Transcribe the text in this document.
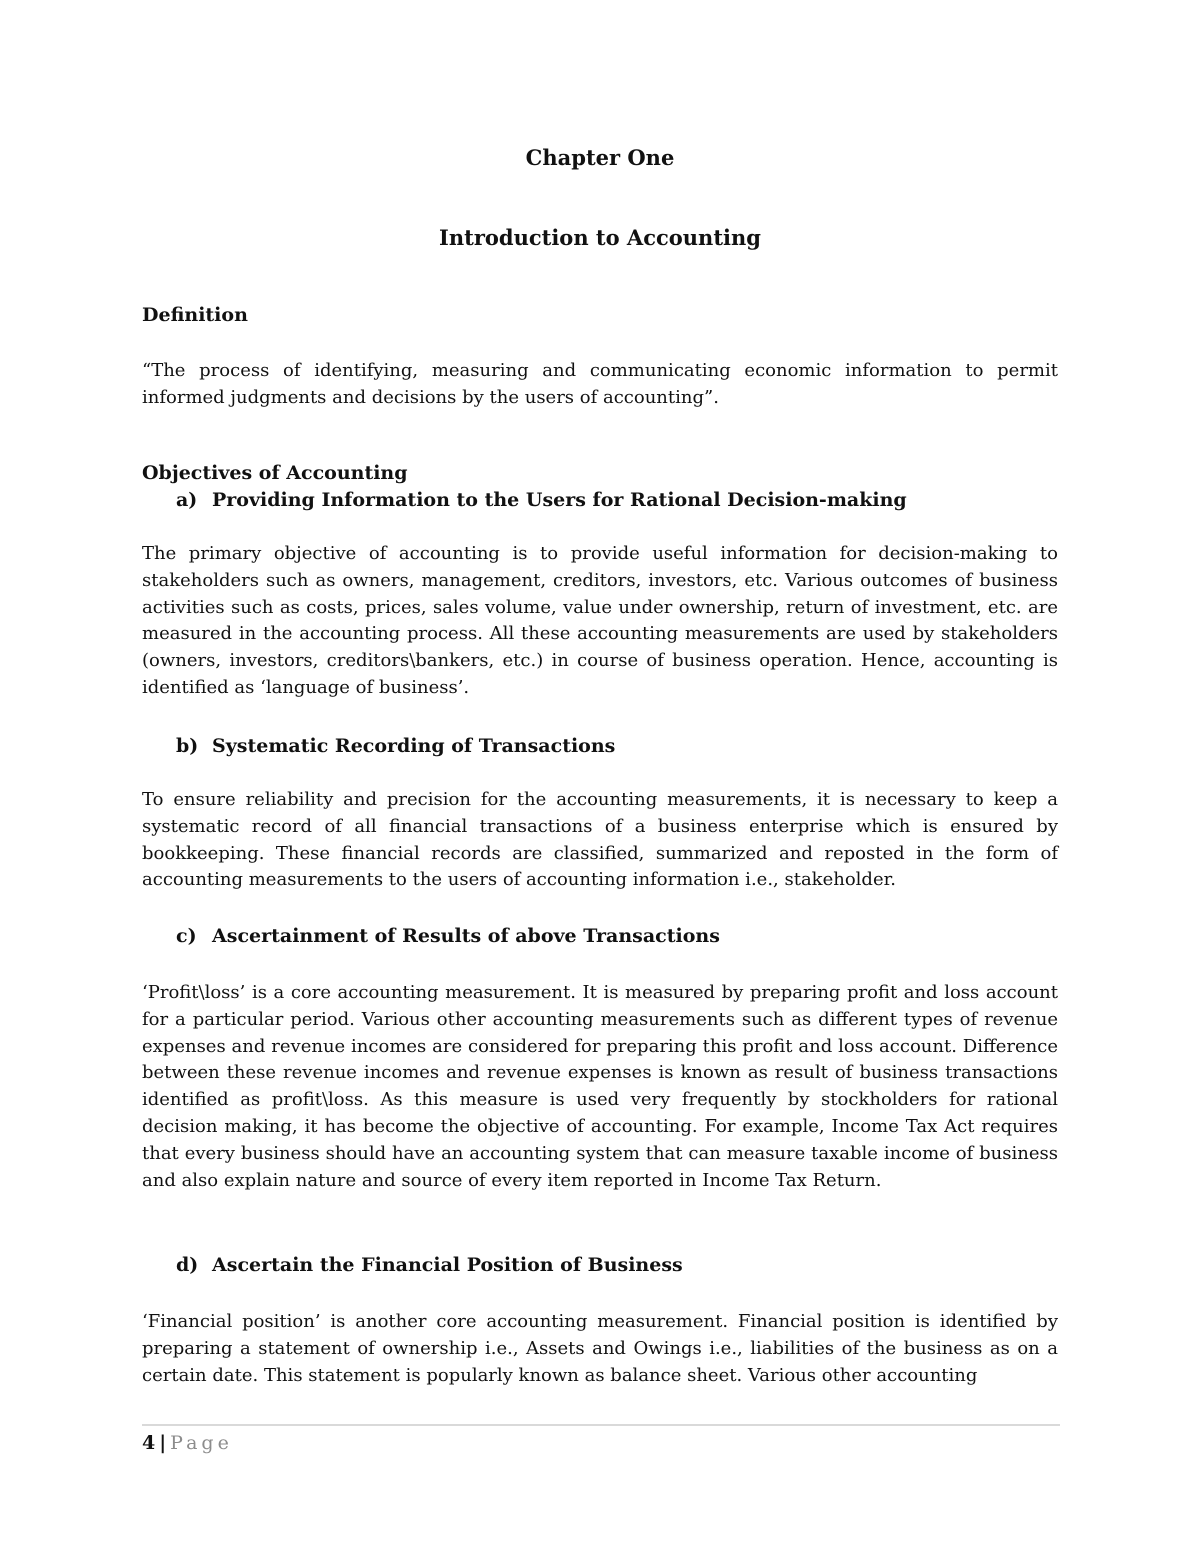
Chapter One
Introduction to Accounting
Definition

“The process of identifying, measuring and communicating economic information to permit informed judgments and decisions by the users of accounting”.

Objectives of Accounting
a) Providing Information to the Users for Rational Decision-making

The primary objective of accounting is to provide useful information for decision-making to stakeholders such as owners, management, creditors, investors, etc. Various outcomes of business activities such as costs, prices, sales volume, value under ownership, return of investment, etc. are measured in the accounting process. All these accounting measurements are used by stakeholders (owners, investors, creditors\bankers, etc.) in course of business operation. Hence, accounting is identified as ‘language of business’.

b) Systematic Recording of Transactions

To ensure reliability and precision for the accounting measurements, it is necessary to keep a systematic record of all financial transactions of a business enterprise which is ensured by bookkeeping. These financial records are classified, summarized and reposted in the form of accounting measurements to the users of accounting information i.e., stakeholder.

c) Ascertainment of Results of above Transactions

‘Profit\loss’ is a core accounting measurement. It is measured by preparing profit and loss account for a particular period. Various other accounting measurements such as different types of revenue expenses and revenue incomes are considered for preparing this profit and loss account. Difference between these revenue incomes and revenue expenses is known as result of business transactions identified as profit\loss. As this measure is used very frequently by stockholders for rational decision making, it has become the objective of accounting. For example, Income Tax Act requires that every business should have an accounting system that can measure taxable income of business and also explain nature and source of every item reported in Income Tax Return.

d) Ascertain the Financial Position of Business

‘Financial position’ is another core accounting measurement. Financial position is identified by preparing a statement of ownership i.e., Assets and Owings i.e., liabilities of the business as on a certain date. This statement is popularly known as balance sheet. Various other accounting

4 | Page
